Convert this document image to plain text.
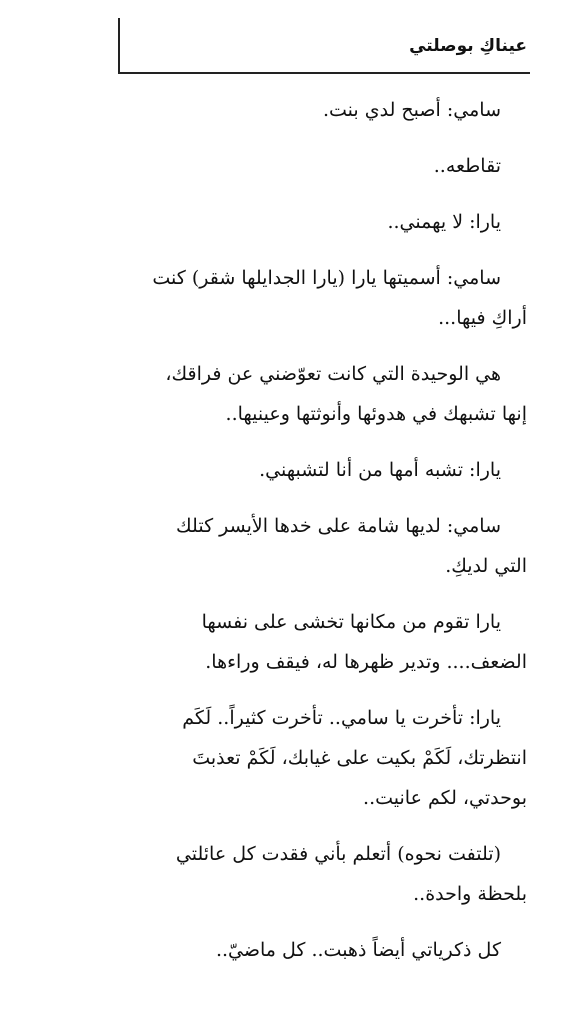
عيناكِ بوصلتي

سامي: أصبح لدي بنت.

تقاطعه..

يارا: لا يهمني..

سامي: أسميتها يارا (يارا الجدايلها شقر) كنت
أراكِ فيها...

هي الوحيدة التي كانت تعوّضني عن فراقك،
إنها تشبهك في هدوئها وأنوثتها وعينيها..

يارا: تشبه أمها من أنا لتشبهني.

سامي: لديها شامة على خدها الأيسر كتلك
التي لديكِ.

يارا تقوم من مكانها تخشى على نفسها
الضعف.... وتدير ظهرها له، فيقف وراءها.

يارا: تأخرت يا سامي.. تأخرت كثيراً.. لَكَم
انتظرتك، لَكَمْ بكيت على غيابك، لَكَمْ تعذبتَ
بوحدتي، لكم عانيت..

(تلتفت نحوه) أتعلم بأني فقدت كل عائلتي
بلحظة واحدة..

كل ذكرياتي أيضاً ذهبت.. كل ماضيّ..
